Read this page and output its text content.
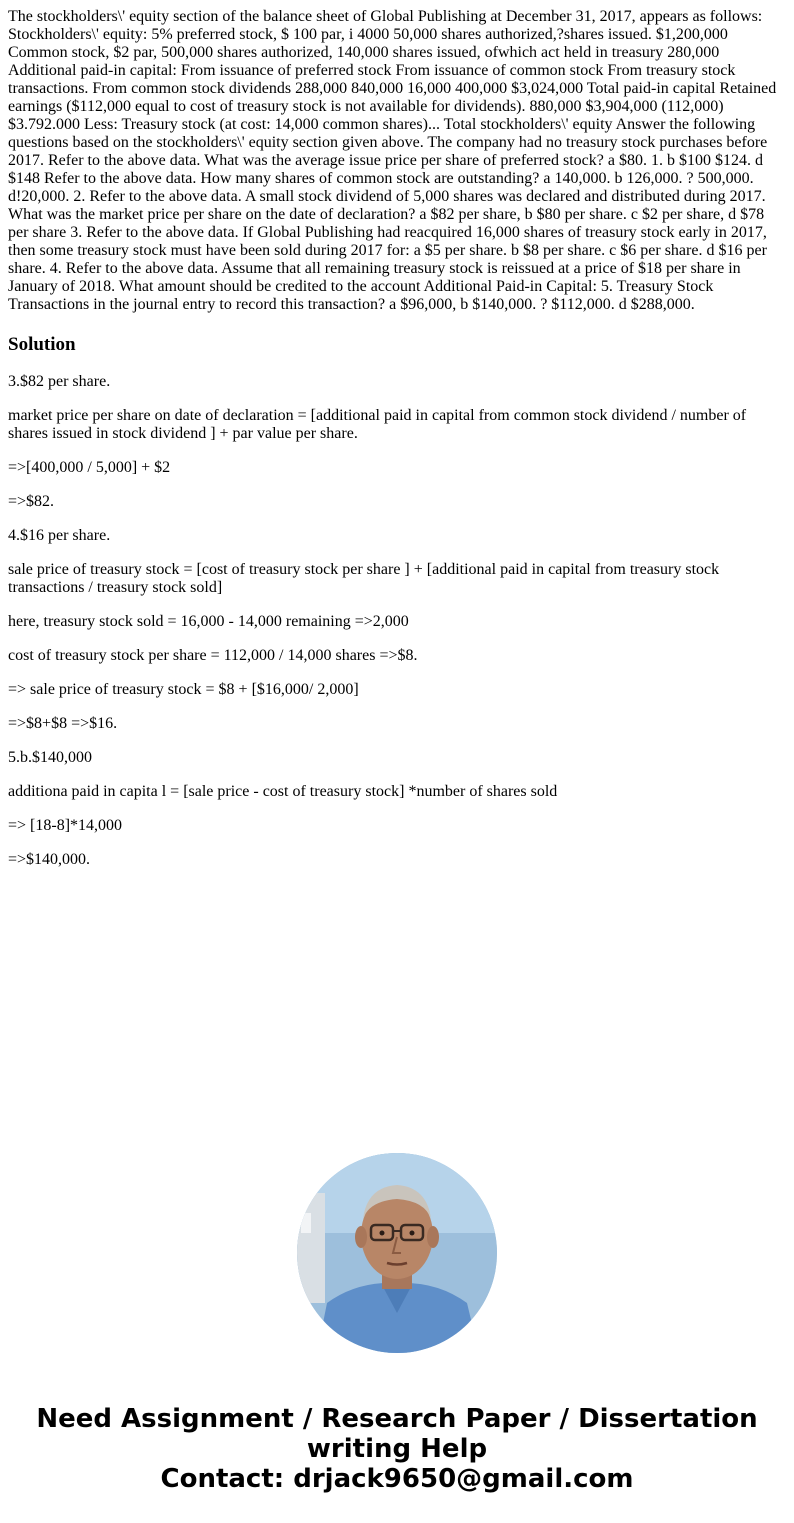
The stockholders\' equity section of the balance sheet of Global Publishing at December 31, 2017, appears as follows: Stockholders\' equity: 5% preferred stock, $ 100 par, i 4000 50,000 shares authorized,?shares issued. $1,200,000 Common stock, $2 par, 500,000 shares authorized, 140,000 shares issued, ofwhich act held in treasury 280,000 Additional paid-in capital: From issuance of preferred stock From issuance of common stock From treasury stock transactions. From common stock dividends 288,000 840,000 16,000 400,000 $3,024,000 Total paid-in capital Retained earnings ($112,000 equal to cost of treasury stock is not available for dividends). 880,000 $3,904,000 (112,000) $3.792.000 Less: Treasury stock (at cost: 14,000 common shares)... Total stockholders\' equity Answer the following questions based on the stockholders\' equity section given above. The company had no treasury stock purchases before 2017. Refer to the above data. What was the average issue price per share of preferred stock? a $80. 1. b $100 $124. d $148 Refer to the above data. How many shares of common stock are outstanding? a 140,000. b 126,000. ? 500,000. d!20,000. 2. Refer to the above data. A small stock dividend of 5,000 shares was declared and distributed during 2017. What was the market price per share on the date of declaration? a $82 per share, b $80 per share. c $2 per share, d $78 per share 3. Refer to the above data. If Global Publishing had reacquired 16,000 shares of treasury stock early in 2017, then some treasury stock must have been sold during 2017 for: a $5 per share. b $8 per share. c $6 per share. d $16 per share. 4. Refer to the above data. Assume that all remaining treasury stock is reissued at a price of $18 per share in January of 2018. What amount should be credited to the account Additional Paid-in Capital: 5. Treasury Stock Transactions in the journal entry to record this transaction? a $96,000, b $140,000. ? $112,000. d $288,000.

Solution

3.$82 per share.

market price per share on date of declaration = [additional paid in capital from common stock dividend / number of shares issued in stock dividend ] + par value per share.

=>[400,000 / 5,000] + $2

=>$82.

4.$16 per share.

sale price of treasury stock = [cost of treasury stock per share ] + [additional paid in capital from treasury stock transactions / treasury stock sold]

here, treasury stock sold = 16,000 - 14,000 remaining =>2,000

cost of treasury stock per share = 112,000 / 14,000 shares =>$8.

=> sale price of treasury stock = $8 + [$16,000/ 2,000]

=>$8+$8 =>$16.

5.b.$140,000

additiona paid in capita l = [sale price - cost of treasury stock] *number of shares sold

=> [18-8]*14,000

=>$140,000.

Need Assignment / Research Paper / Dissertation writing Help
Contact: drjack9650@gmail.com
